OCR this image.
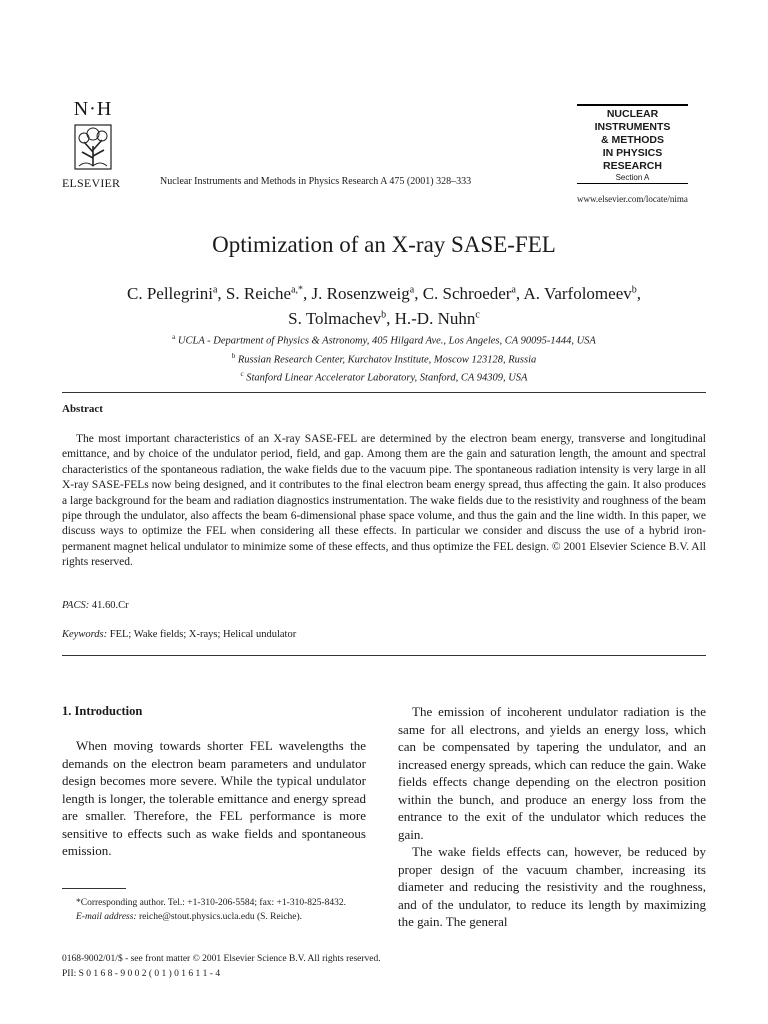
N·H
ELSEVIER	Nuclear Instruments and Methods in Physics Research A 475 (2001) 328–333
NUCLEAR
INSTRUMENTS
& METHODS
IN PHYSICS
RESEARCH
Section A
www.elsevier.com/locate/nima
Optimization of an X-ray SASE-FEL
C. Pellegrini$^a$, S. Reiche$^{a,*}$, J. Rosenzweig$^a$, C. Schroeder$^a$, A. Varfolomeev$^b$,
S. Tolmachev$^b$, H.-D. Nuhn$^c$
$^a$ UCLA - Department of Physics & Astronomy, 405 Hilgard Ave., Los Angeles, CA 90095-1444, USA
$^b$ Russian Research Center, Kurchatov Institute, Moscow 123128, Russia
$^c$ Stanford Linear Accelerator Laboratory, Stanford, CA 94309, USA
Abstract
The most important characteristics of an X-ray SASE-FEL are determined by the electron beam energy, transverse and longitudinal emittance, and by choice of the undulator period, field, and gap. Among them are the gain and saturation length, the amount and spectral characteristics of the spontaneous radiation, the wake fields due to the vacuum pipe. The spontaneous radiation intensity is very large in all X-ray SASE-FELs now being designed, and it contributes to the final electron beam energy spread, thus affecting the gain. It also produces a large background for the beam and radiation diagnostics instrumentation. The wake fields due to the resistivity and roughness of the beam pipe through the undulator, also affects the beam 6-dimensional phase space volume, and thus the gain and the line width. In this paper, we discuss ways to optimize the FEL when considering all these effects. In particular we consider and discuss the use of a hybrid iron-permanent magnet helical undulator to minimize some of these effects, and thus optimize the FEL design. © 2001 Elsevier Science B.V. All rights reserved.
PACS: 41.60.Cr
Keywords: FEL; Wake fields; X-rays; Helical undulator
1. Introduction

When moving towards shorter FEL wavelengths the demands on the electron beam parameters and undulator design becomes more severe. While the typical undulator length is longer, the tolerable emittance and energy spread are smaller. Therefore, the FEL performance is more sensitive to effects such as wake fields and spontaneous emission.

The emission of incoherent undulator radiation is the same for all electrons, and yields an energy loss, which can be compensated by tapering the undulator, and an increased energy spreads, which can reduce the gain. Wake fields effects change depending on the electron position within the bunch, and produce an energy loss from the entrance to the exit of the undulator which reduces the gain.

The wake fields effects can, however, be reduced by proper design of the vacuum chamber, increasing its diameter and reducing the resistivity and the roughness, and of the undulator, to reduce its length by maximizing the gain. The general

*Corresponding author. Tel.: +1-310-206-5584; fax: +1-310-825-8432.
E-mail address: reiche@stout.physics.ucla.edu (S. Reiche).
0168-9002/01/$ - see front matter © 2001 Elsevier Science B.V. All rights reserved.
PII: S 0 1 6 8 - 9 0 0 2 ( 0 1 ) 0 1 6 1 1 - 4
